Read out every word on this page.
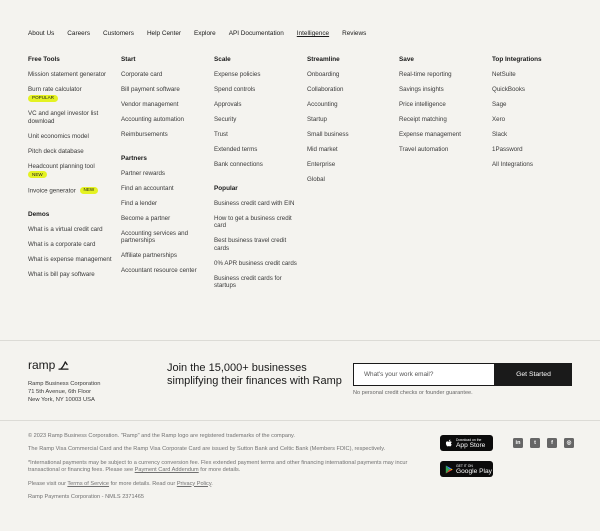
About Us Careers Customers Help Center Explore API Documentation Intelligence Reviews
Free Tools
Mission statement generator
Burn rate calculator
POPULAR
VC and angel investor list download
Unit economics model
Pitch deck database
Headcount planning tool
NEW
Invoice generator NEW
Demos
What is a virtual credit card
What is a corporate card
What is expense management
What is bill pay software
Start
Corporate card
Bill payment software
Vendor management
Accounting automation
Reimbursements
Partners
Partner rewards
Find an accountant
Find a lender
Become a partner
Accounting services and partnerships
Affiliate partnerships
Accountant resource center
Scale
Expense policies
Spend controls
Approvals
Security
Trust
Extended terms
Bank connections
Popular
Business credit card with EIN
How to get a business credit card
Best business travel credit cards
0% APR business credit cards
Business credit cards for startups
Streamline
Onboarding
Collaboration
Accounting
Startup
Small business
Mid market
Enterprise
Global
Save
Real-time reporting
Savings insights
Price intelligence
Receipt matching
Expense management
Travel automation
Top Integrations
NetSuite
QuickBooks
Sage
Xero
Slack
1Password
All Integrations
ramp
Ramp Business Corporation
71 5th Avenue, 6th Floor
New York, NY 10003 USA
Join the 15,000+ businesses simplifying their finances with Ramp
What's your work email?
Get Started
No personal credit checks or founder guarantee.

© 2023 Ramp Business Corporation. "Ramp" and the Ramp logo are registered trademarks of the company.

The Ramp Visa Commercial Card and the Ramp Visa Corporate Card are issued by Sutton Bank and Celtic Bank (Members FDIC), respectively.

*International payments may be subject to a currency conversion fee. Flex extended payment terms and other financing international payments may incur transactional or financing fees. Please see Payment Card Addendum for more details.

Please visit our Terms of Service for more details. Read our Privacy Policy.

Ramp Payments Corporation - NMLS 2371465

Download on the
App Store
GET IT ON
Google Play
in	t	f	◎
